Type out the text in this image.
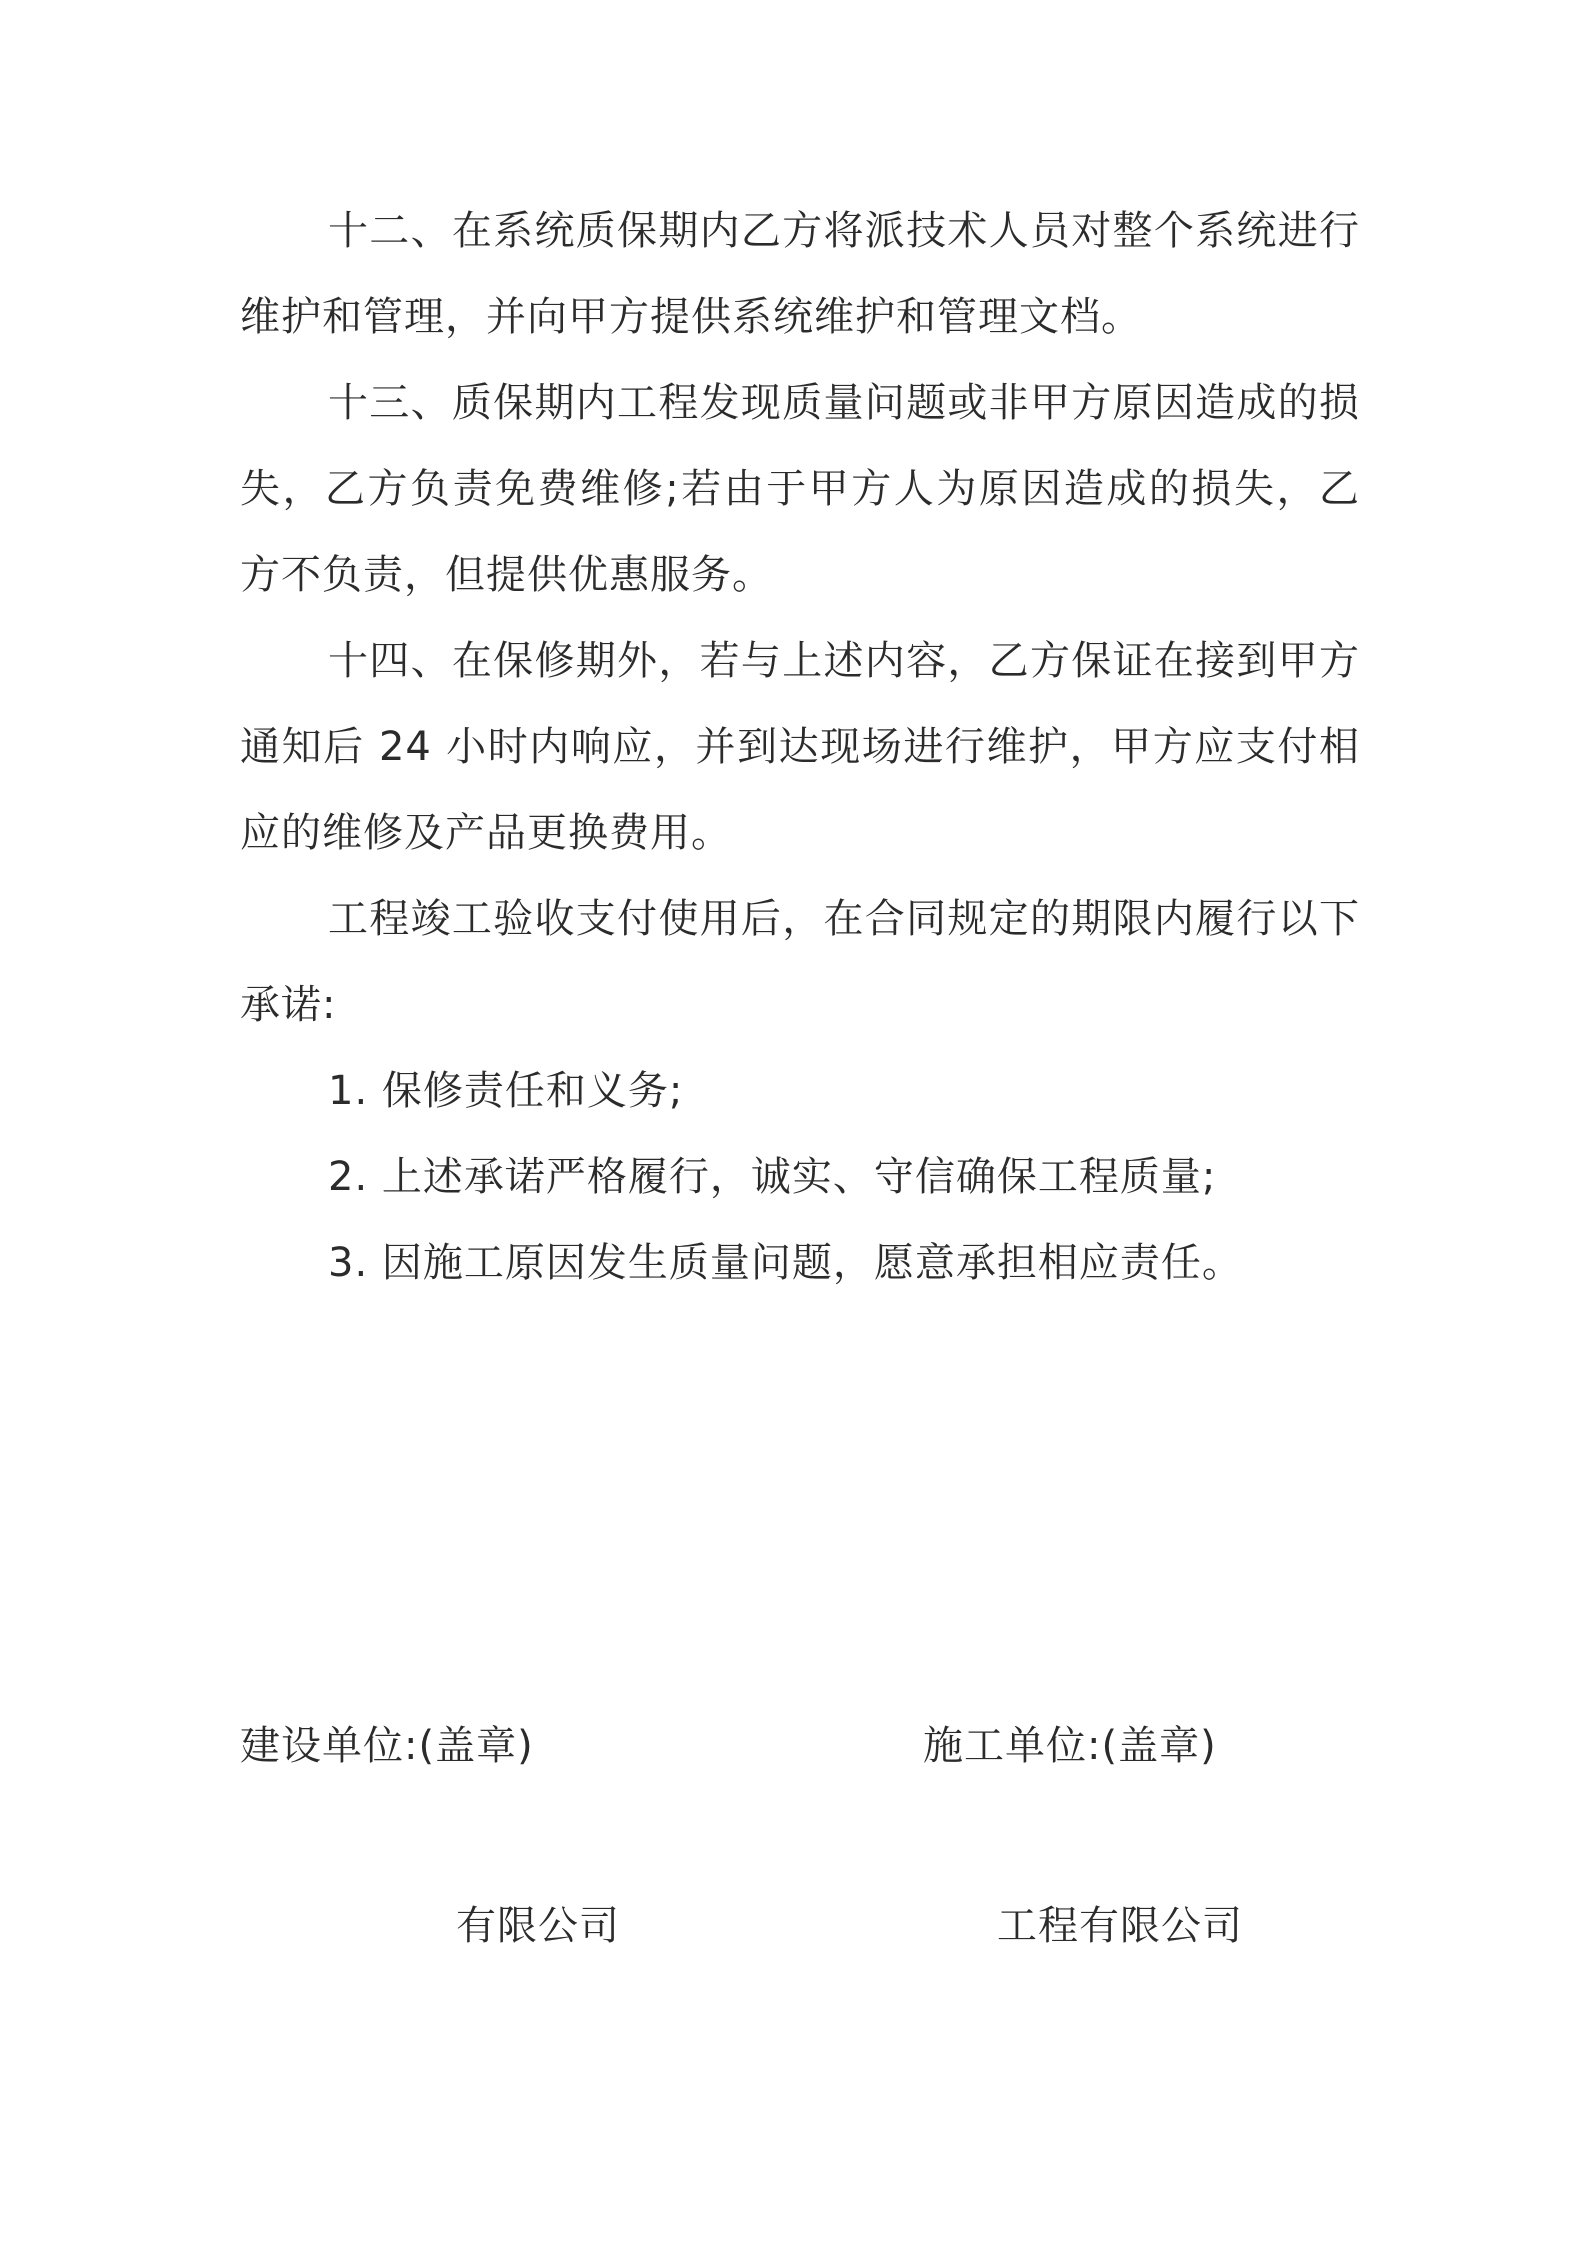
十二、在系统质保期内乙方将派技术人员对整个系统进行维护和管理，并向甲方提供系统维护和管理文档。

十三、质保期内工程发现质量问题或非甲方原因造成的损失，乙方负责免费维修;若由于甲方人为原因造成的损失，乙方不负责，但提供优惠服务。

十四、在保修期外，若与上述内容，乙方保证在接到甲方通知后 24 小时内响应，并到达现场进行维护，甲方应支付相应的维修及产品更换费用。

工程竣工验收支付使用后，在合同规定的期限内履行以下承诺:

1. 保修责任和义务;

2. 上述承诺严格履行，诚实、守信确保工程质量;

3. 因施工原因发生质量问题，愿意承担相应责任。

建设单位:(盖章)	施工单位:(盖章)
有限公司	工程有限公司
